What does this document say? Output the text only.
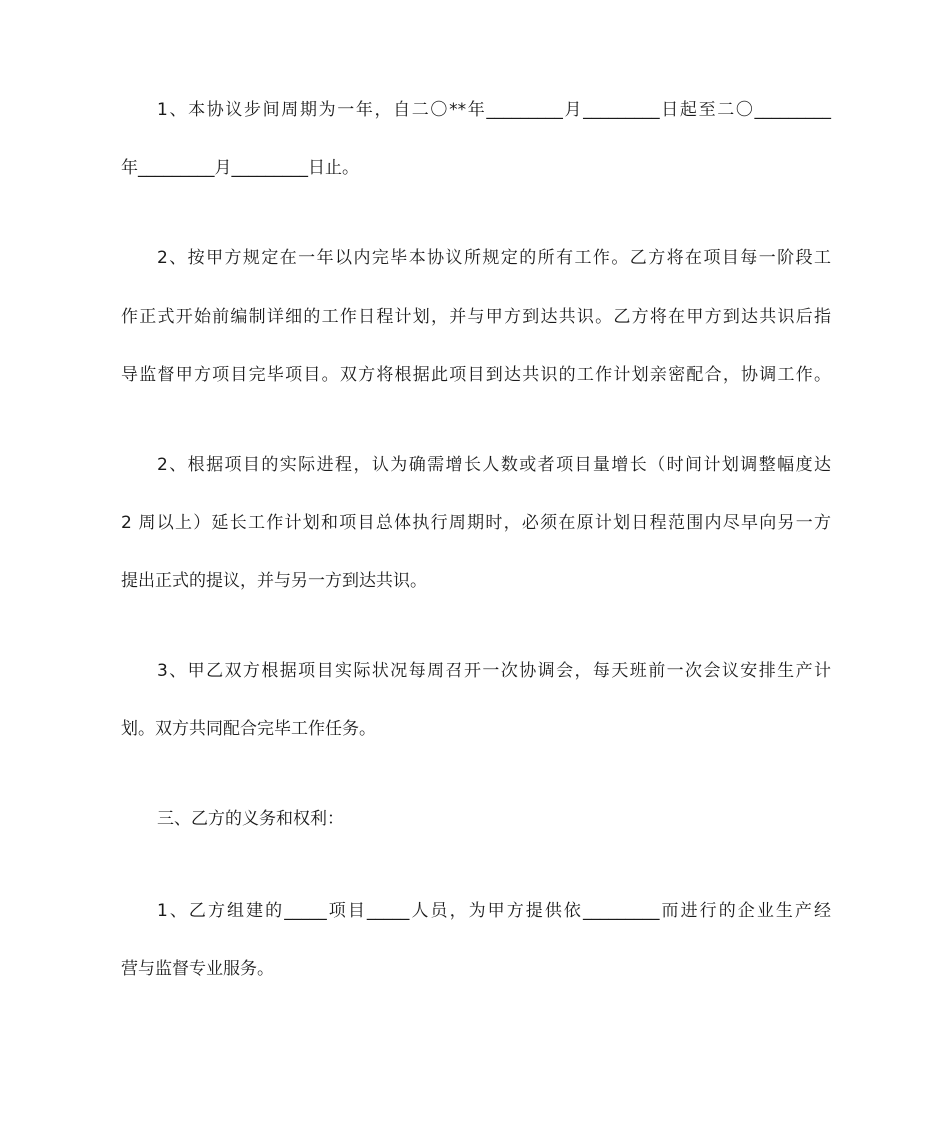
1、本协议步间周期为一年，自二〇**年_________月_________日起至二〇_________
年_________月_________日止。
2、按甲方规定在一年以内完毕本协议所规定的所有工作。乙方将在项目每一阶段工
作正式开始前编制详细的工作日程计划，并与甲方到达共识。乙方将在甲方到达共识后指
导监督甲方项目完毕项目。双方将根据此项目到达共识的工作计划亲密配合，协调工作。
2、根据项目的实际进程，认为确需增长人数或者项目量增长（时间计划调整幅度达
2 周以上）延长工作计划和项目总体执行周期时，必须在原计划日程范围内尽早向另一方
提出正式的提议，并与另一方到达共识。
3、甲乙双方根据项目实际状况每周召开一次协调会，每天班前一次会议安排生产计
划。双方共同配合完毕工作任务。
三、乙方的义务和权利：
1、乙方组建的_____项目_____人员，为甲方提供依_________而进行的企业生产经
营与监督专业服务。
